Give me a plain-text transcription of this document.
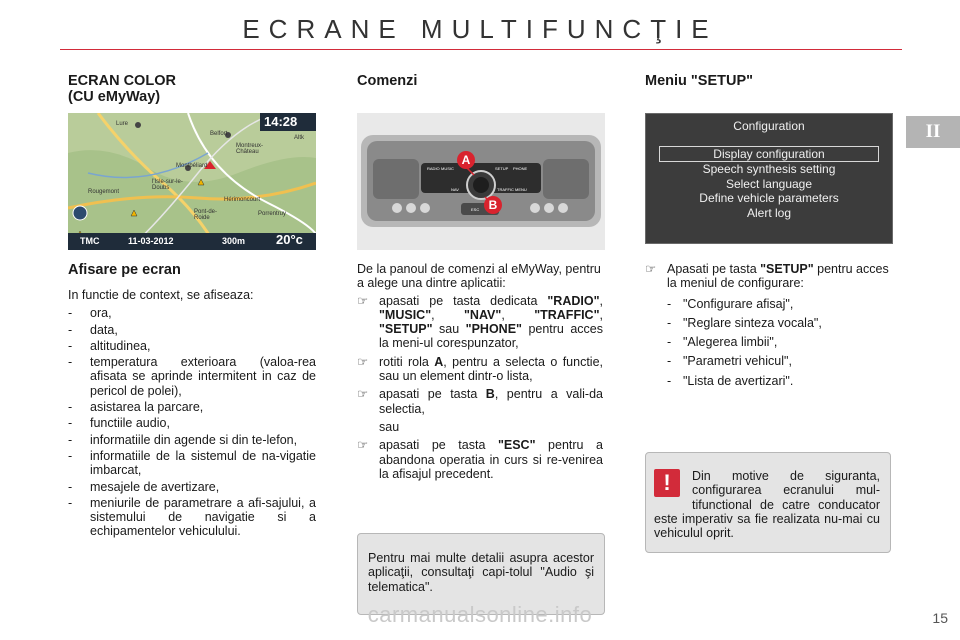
ECRANE MULTIFUNCŢIE
II
ECRAN COLOR
(CU eMyWay)
14:28
TMC	11-03-2012	300m 20°c
Lure
Belfort
Montreux-Château
Montbéliard
Rougemont
l'Isle-sur-le-Doubs
Pont-de-Roide
Porrentruy
Hérimoncourt
Altk
Afisare pe ecran
In functie de context, se afiseaza:
- ora,
- data,
- altitudinea,
- temperatura exterioara (valoa-rea afisata se aprinde intermitent in caz de pericol de polei),
- asistarea la parcare,
- functiile audio,
- informatiile din agende si din te-lefon,
- informatiile de la sistemul de na-vigatie imbarcat,
- mesajele de avertizare,
- meniurile de parametrare a afi-sajului, a sistemului de navigatie si a echipamentelor vehiculului.
Comenzi
RADIO MUSIC	SETUP PHONE
NAV	TRAFFIC
ESC
MENU
A
B
De la panoul de comenzi al eMyWay, pentru a alege una dintre aplicatii:
☞ apasati pe tasta dedicata "RADIO", "MUSIC", "NAV", "TRAFFIC", "SETUP" sau "PHONE" pentru acces la meni-ul corespunzator,
☞ rotiti rola A, pentru a selecta o functie, sau un element dintr-o lista,
☞ apasati pe tasta B, pentru a vali-da selectia,
sau
☞ apasati pe tasta "ESC" pentru a abandona operatia in curs si re-venirea la afisajul precedent.
Pentru mai multe detalii asupra acestor aplicaţii, consultaţi capi-tolul "Audio şi telematica".
Meniu "SETUP"
Configuration
Display configuration
Speech synthesis setting
Select language
Define vehicle parameters
Alert log
☞ Apasati pe tasta "SETUP" pentru acces la meniul de configurare:
- "Configurare afisaj",
- "Reglare sinteza vocala",
- "Alegerea limbii",
- "Parametri vehicul",
- "Lista de avertizari".
!	Din motive de siguranta, configurarea ecranului mul-tifunctional de catre conducator este imperativ sa fie realizata nu-mai cu vehiculul oprit.
carmanualsonline.info	15
